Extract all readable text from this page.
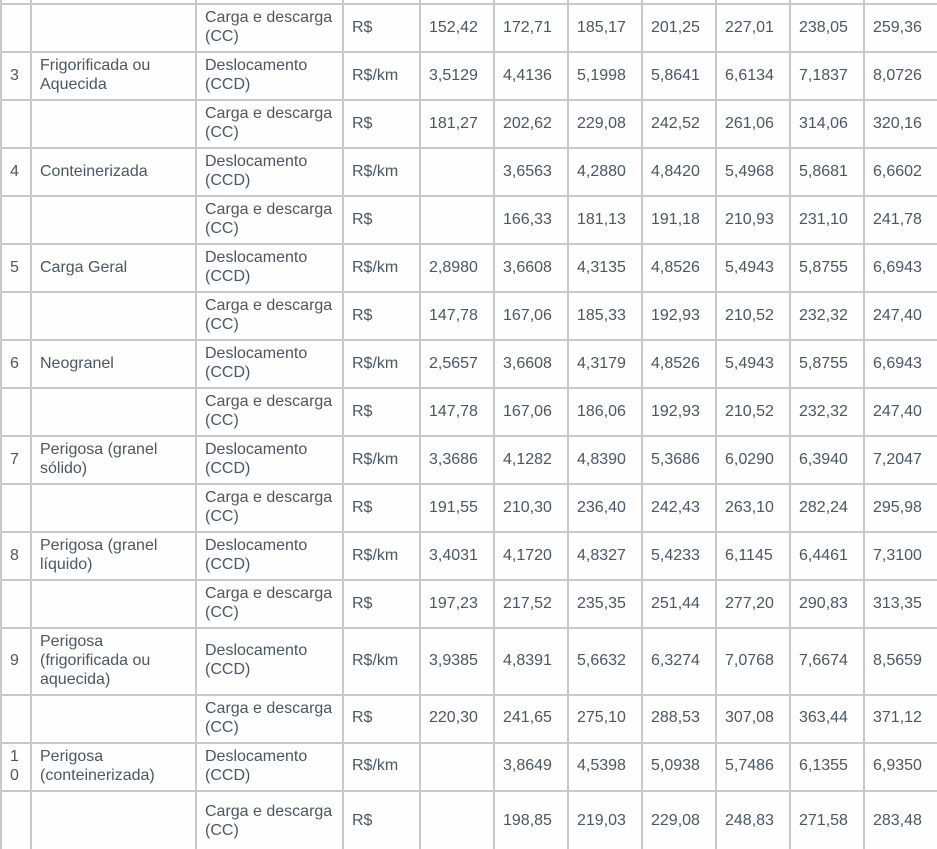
		Carga e descarga (CC)	R$	152,42	172,71	185,17	201,25	227,01	238,05	259,36
3	Frigorificada ou Aquecida	Deslocamento (CCD)	R$/km	3,5129	4,4136	5,1998	5,8641	6,6134	7,1837	8,0726
		Carga e descarga (CC)	R$	181,27	202,62	229,08	242,52	261,06	314,06	320,16
4	Conteinerizada	Deslocamento (CCD)	R$/km		3,6563	4,2880	4,8420	5,4968	5,8681	6,6602
		Carga e descarga (CC)	R$		166,33	181,13	191,18	210,93	231,10	241,78
5	Carga Geral	Deslocamento (CCD)	R$/km	2,8980	3,6608	4,3135	4,8526	5,4943	5,8755	6,6943
		Carga e descarga (CC)	R$	147,78	167,06	185,33	192,93	210,52	232,32	247,40
6	Neogranel	Deslocamento (CCD)	R$/km	2,5657	3,6608	4,3179	4,8526	5,4943	5,8755	6,6943
		Carga e descarga (CC)	R$	147,78	167,06	186,06	192,93	210,52	232,32	247,40
7	Perigosa (granel sólido)	Deslocamento (CCD)	R$/km	3,3686	4,1282	4,8390	5,3686	6,0290	6,3940	7,2047
		Carga e descarga (CC)	R$	191,55	210,30	236,40	242,43	263,10	282,24	295,98
8	Perigosa (granel líquido)	Deslocamento (CCD)	R$/km	3,4031	4,1720	4,8327	5,4233	6,1145	6,4461	7,3100
		Carga e descarga (CC)	R$	197,23	217,52	235,35	251,44	277,20	290,83	313,35
9	Perigosa (frigorificada ou aquecida)	Deslocamento (CCD)	R$/km	3,9385	4,8391	5,6632	6,3274	7,0768	7,6674	8,5659
		Carga e descarga (CC)	R$	220,30	241,65	275,10	288,53	307,08	363,44	371,12
10	Perigosa (conteinerizada)	Deslocamento (CCD)	R$/km		3,8649	4,5398	5,0938	5,7486	6,1355	6,9350
		Carga e descarga (CC)	R$		198,85	219,03	229,08	248,83	271,58	283,48
